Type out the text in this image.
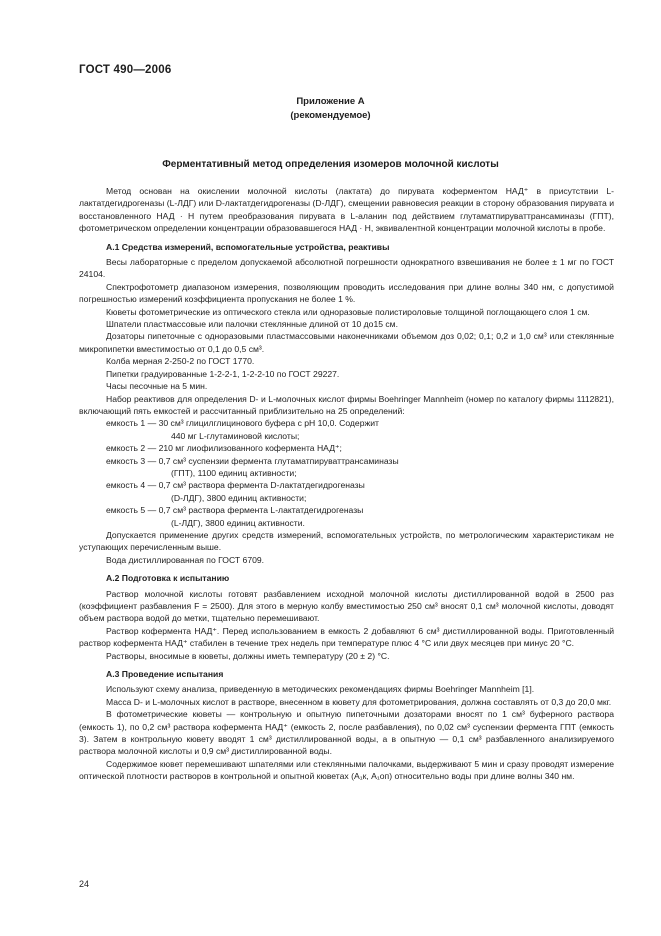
ГОСТ 490—2006
Приложение А
(рекомендуемое)
Ферментативный метод определения изомеров молочной кислоты

Метод основан на окислении молочной кислоты (лактата) до пирувата коферментом НАД⁺ в присутствии L-лактатдегидрогеназы (L-ЛДГ) или D-лактатдегидрогеназы (D-ЛДГ), смещении равновесия реакции в сторону образования пирувата и восстановленного НАД · Н путем преобразования пирувата в L-аланин под действием глутаматпируваттрансаминазы (ГПТ), фотометрическом определении концентрации образовавшегося НАД · Н, эквивалентной концентрации молочной кислоты в пробе.

А.1 Средства измерений, вспомогательные устройства, реактивы

Весы лабораторные с пределом допускаемой абсолютной погрешности однократного взвешивания не более ± 1 мг по ГОСТ 24104.

Спектрофотометр диапазоном измерения, позволяющим проводить исследования при длине волны 340 нм, с допустимой погрешностью измерений коэффициента пропускания не более 1 %.

Кюветы фотометрические из оптического стекла или одноразовые полистироловые толщиной поглощающего слоя 1 см.

Шпатели пластмассовые или палочки стеклянные длиной от 10 до15 см.

Дозаторы пипеточные с одноразовыми пластмассовыми наконечниками объемом доз 0,02; 0,1; 0,2 и 1,0 см³ или стеклянные микропипетки вместимостью от 0,1 до 0,5 см³.

Колба мерная 2-250-2 по ГОСТ 1770.

Пипетки градуированные 1-2-2-1, 1-2-2-10 по ГОСТ 29227.

Часы песочные на 5 мин.

Набор реактивов для определения D- и L-молочных кислот фирмы Boehringer Mannheim (номер по каталогу фирмы 1112821), включающий пять емкостей и рассчитанный приблизительно на 25 определений:

емкость 1 — 30 см³ глицилглицинового буфера с рН 10,0. Содержит

440 мг L-глутаминовой кислоты;

емкость 2 — 210 мг лиофилизованного кофермента НАД⁺;

емкость 3 — 0,7 см³ суспензии фермента глутаматпируваттрансаминазы

(ГПТ), 1100 единиц активности;

емкость 4 — 0,7 см³ раствора фермента D-лактатдегидрогеназы

(D-ЛДГ), 3800 единиц активности;

емкость 5 — 0,7 см³ раствора фермента L-лактатдегидрогеназы

(L-ЛДГ), 3800 единиц активности.

Допускается применение других средств измерений, вспомогательных устройств, по метрологическим характеристикам не уступающих перечисленным выше.

Вода дистиллированная по ГОСТ 6709.

А.2 Подготовка к испытанию

Раствор молочной кислоты готовят разбавлением исходной молочной кислоты дистиллированной водой в 2500 раз (коэффициент разбавления F = 2500). Для этого в мерную колбу вместимостью 250 см³ вносят 0,1 см³ молочной кислоты, доводят объем раствора водой до метки, тщательно перемешивают.

Раствор кофермента НАД⁺. Перед использованием в емкость 2 добавляют 6 см³ дистиллированной воды. Приготовленный раствор кофермента НАД⁺ стабилен в течение трех недель при температуре плюс 4 °С или двух месяцев при минус 20 °С.

Растворы, вносимые в кюветы, должны иметь температуру (20 ± 2) °С.

А.3 Проведение испытания

Используют схему анализа, приведенную в методических рекомендациях фирмы Boehringer Mannheim [1].

Масса D- и L-молочных кислот в растворе, внесенном в кювету для фотометрирования, должна составлять от 0,3 до 20,0 мкг.

В фотометрические кюветы — контрольную и опытную пипеточными дозаторами вносят по 1 см³ буферного раствора (емкость 1), по 0,2 см³ раствора кофермента НАД⁺ (емкость 2, после разбавления), по 0,02 см³ суспензии фермента ГПТ (емкость 3). Затем в контрольную кювету вводят 1 см³ дистиллированной воды, а в опытную — 0,1 см³ разбавленного анализируемого раствора молочной кислоты и 0,9 см³ дистиллированной воды.

Содержимое кювет перемешивают шпателями или стеклянными палочками, выдерживают 5 мин и сразу проводят измерение оптической плотности растворов в контрольной и опытной кюветах (A₁к, A₁оп) относительно воды при длине волны 340 нм.

24
